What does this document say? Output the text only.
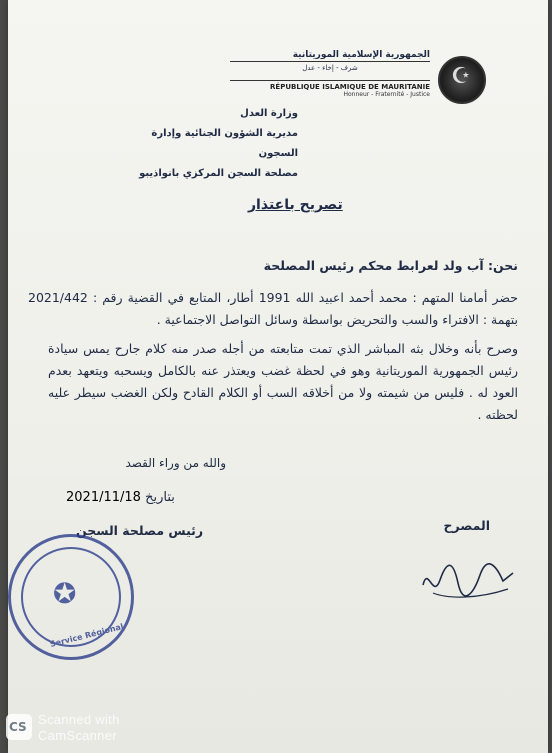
☪
الجمهورية الإسلامية الموريتانية
شرف - إخاء - عدل
RÉPUBLIQUE ISLAMIQUE DE MAURITANIE
Honneur - Fraternité - Justice
وزارة العدل
مديرية الشؤون الجنائية وإدارة السجون
مصلحة السجن المركزي بانواذيبو
تصريح باعتذار
نحن: آب ولد لعرابط محكم رئيس المصلحة
حضر أمامنا المتهم : محمد أحمد اعبيد الله 1991 أطار، المتابع في القضية رقم : 2021/442 بتهمة : الافتراء والسب والتحريض بواسطة وسائل التواصل الاجتماعية .
وصرح بأنه وخلال بثه المباشر الذي تمت متابعته من أجله صدر منه كلام جارح يمس سيادة رئيس الجمهورية الموريتانية وهو في لحظة غضب ويعتذر عنه بالكامل ويسحبه ويتعهد بعدم العود له . فليس من شيمته ولا من أخلاقه السب أو الكلام القادح ولكن الغضب سيطر عليه لحظته .
والله من وراء القصد
بتاريخ 2021/11/18
رئيس مصلحة السجن	المصرح
✪
Service Régional
CS Scanned with
CamScanner
